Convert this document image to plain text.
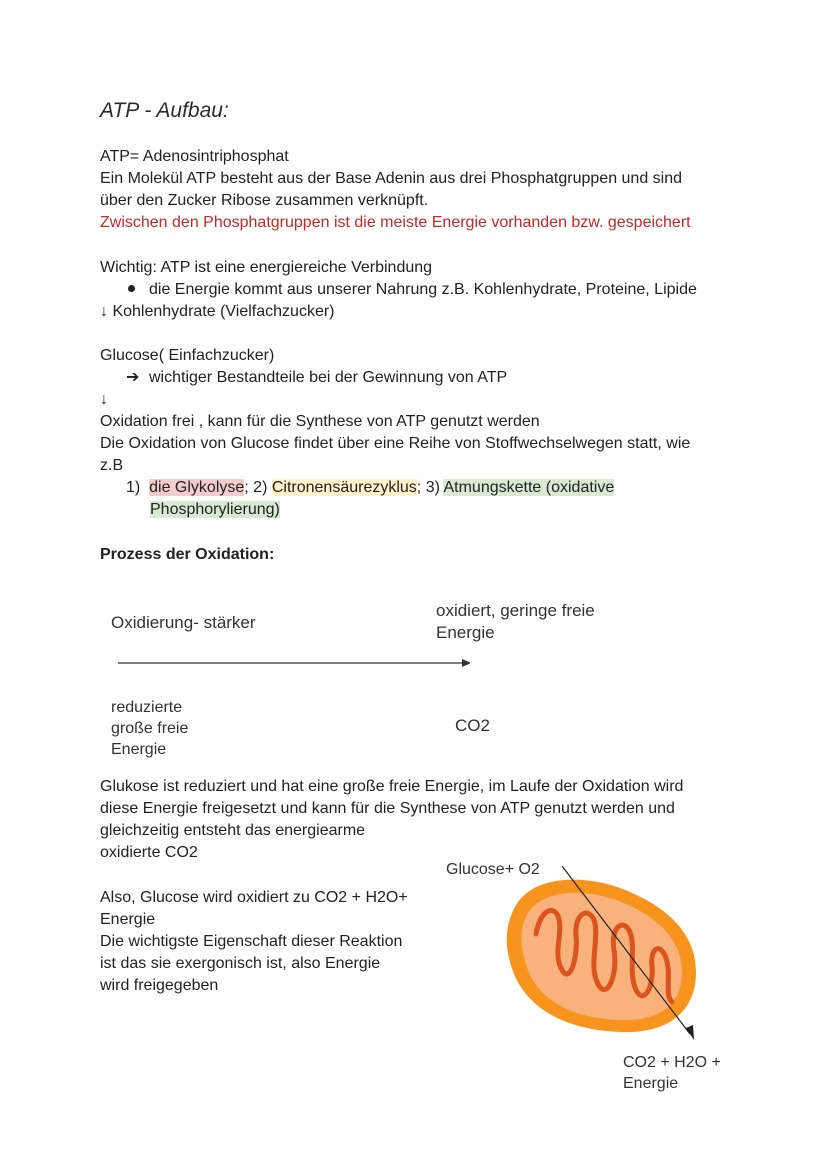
ATP - Aufbau:
ATP= Adenosintriphosphat
Ein Molekül ATP besteht aus der Base Adenin aus drei Phosphatgruppen und sind
über den Zucker Ribose zusammen verknüpft.
Zwischen den Phosphatgruppen ist die meiste Energie vorhanden bzw. gespeichert
Wichtig: ATP ist eine energiereiche Verbindung
die Energie kommt aus unserer Nahrung z.B. Kohlenhydrate, Proteine, Lipide
↓ Kohlenhydrate (Vielfachzucker)
Glucose( Einfachzucker)
➔ wichtiger Bestandteile bei der Gewinnung von ATP
↓
Oxidation frei , kann für die Synthese von ATP genutzt werden
Die Oxidation von Glucose findet über eine Reihe von Stoffwechselwegen statt, wie
z.B
1) die Glykolyse; 2) Citronensäurezyklus; 3) Atmungskette (oxidative
Phosphorylierung)
Prozess der Oxidation:
Oxidierung- stärker
oxidiert, geringe freie
Energie
reduzierte
große freie
Energie
CO2
Glukose ist reduziert und hat eine große freie Energie, im Laufe der Oxidation wird
diese Energie freigesetzt und kann für die Synthese von ATP genutzt werden und
gleichzeitig entsteht das energiearme
oxidierte CO2
Also, Glucose wird oxidiert zu CO2 + H2O+
Energie
Die wichtigste Eigenschaft dieser Reaktion
ist das sie exergonisch ist, also Energie
wird freigegeben
Glucose+ O2
CO2 + H2O +
Energie
